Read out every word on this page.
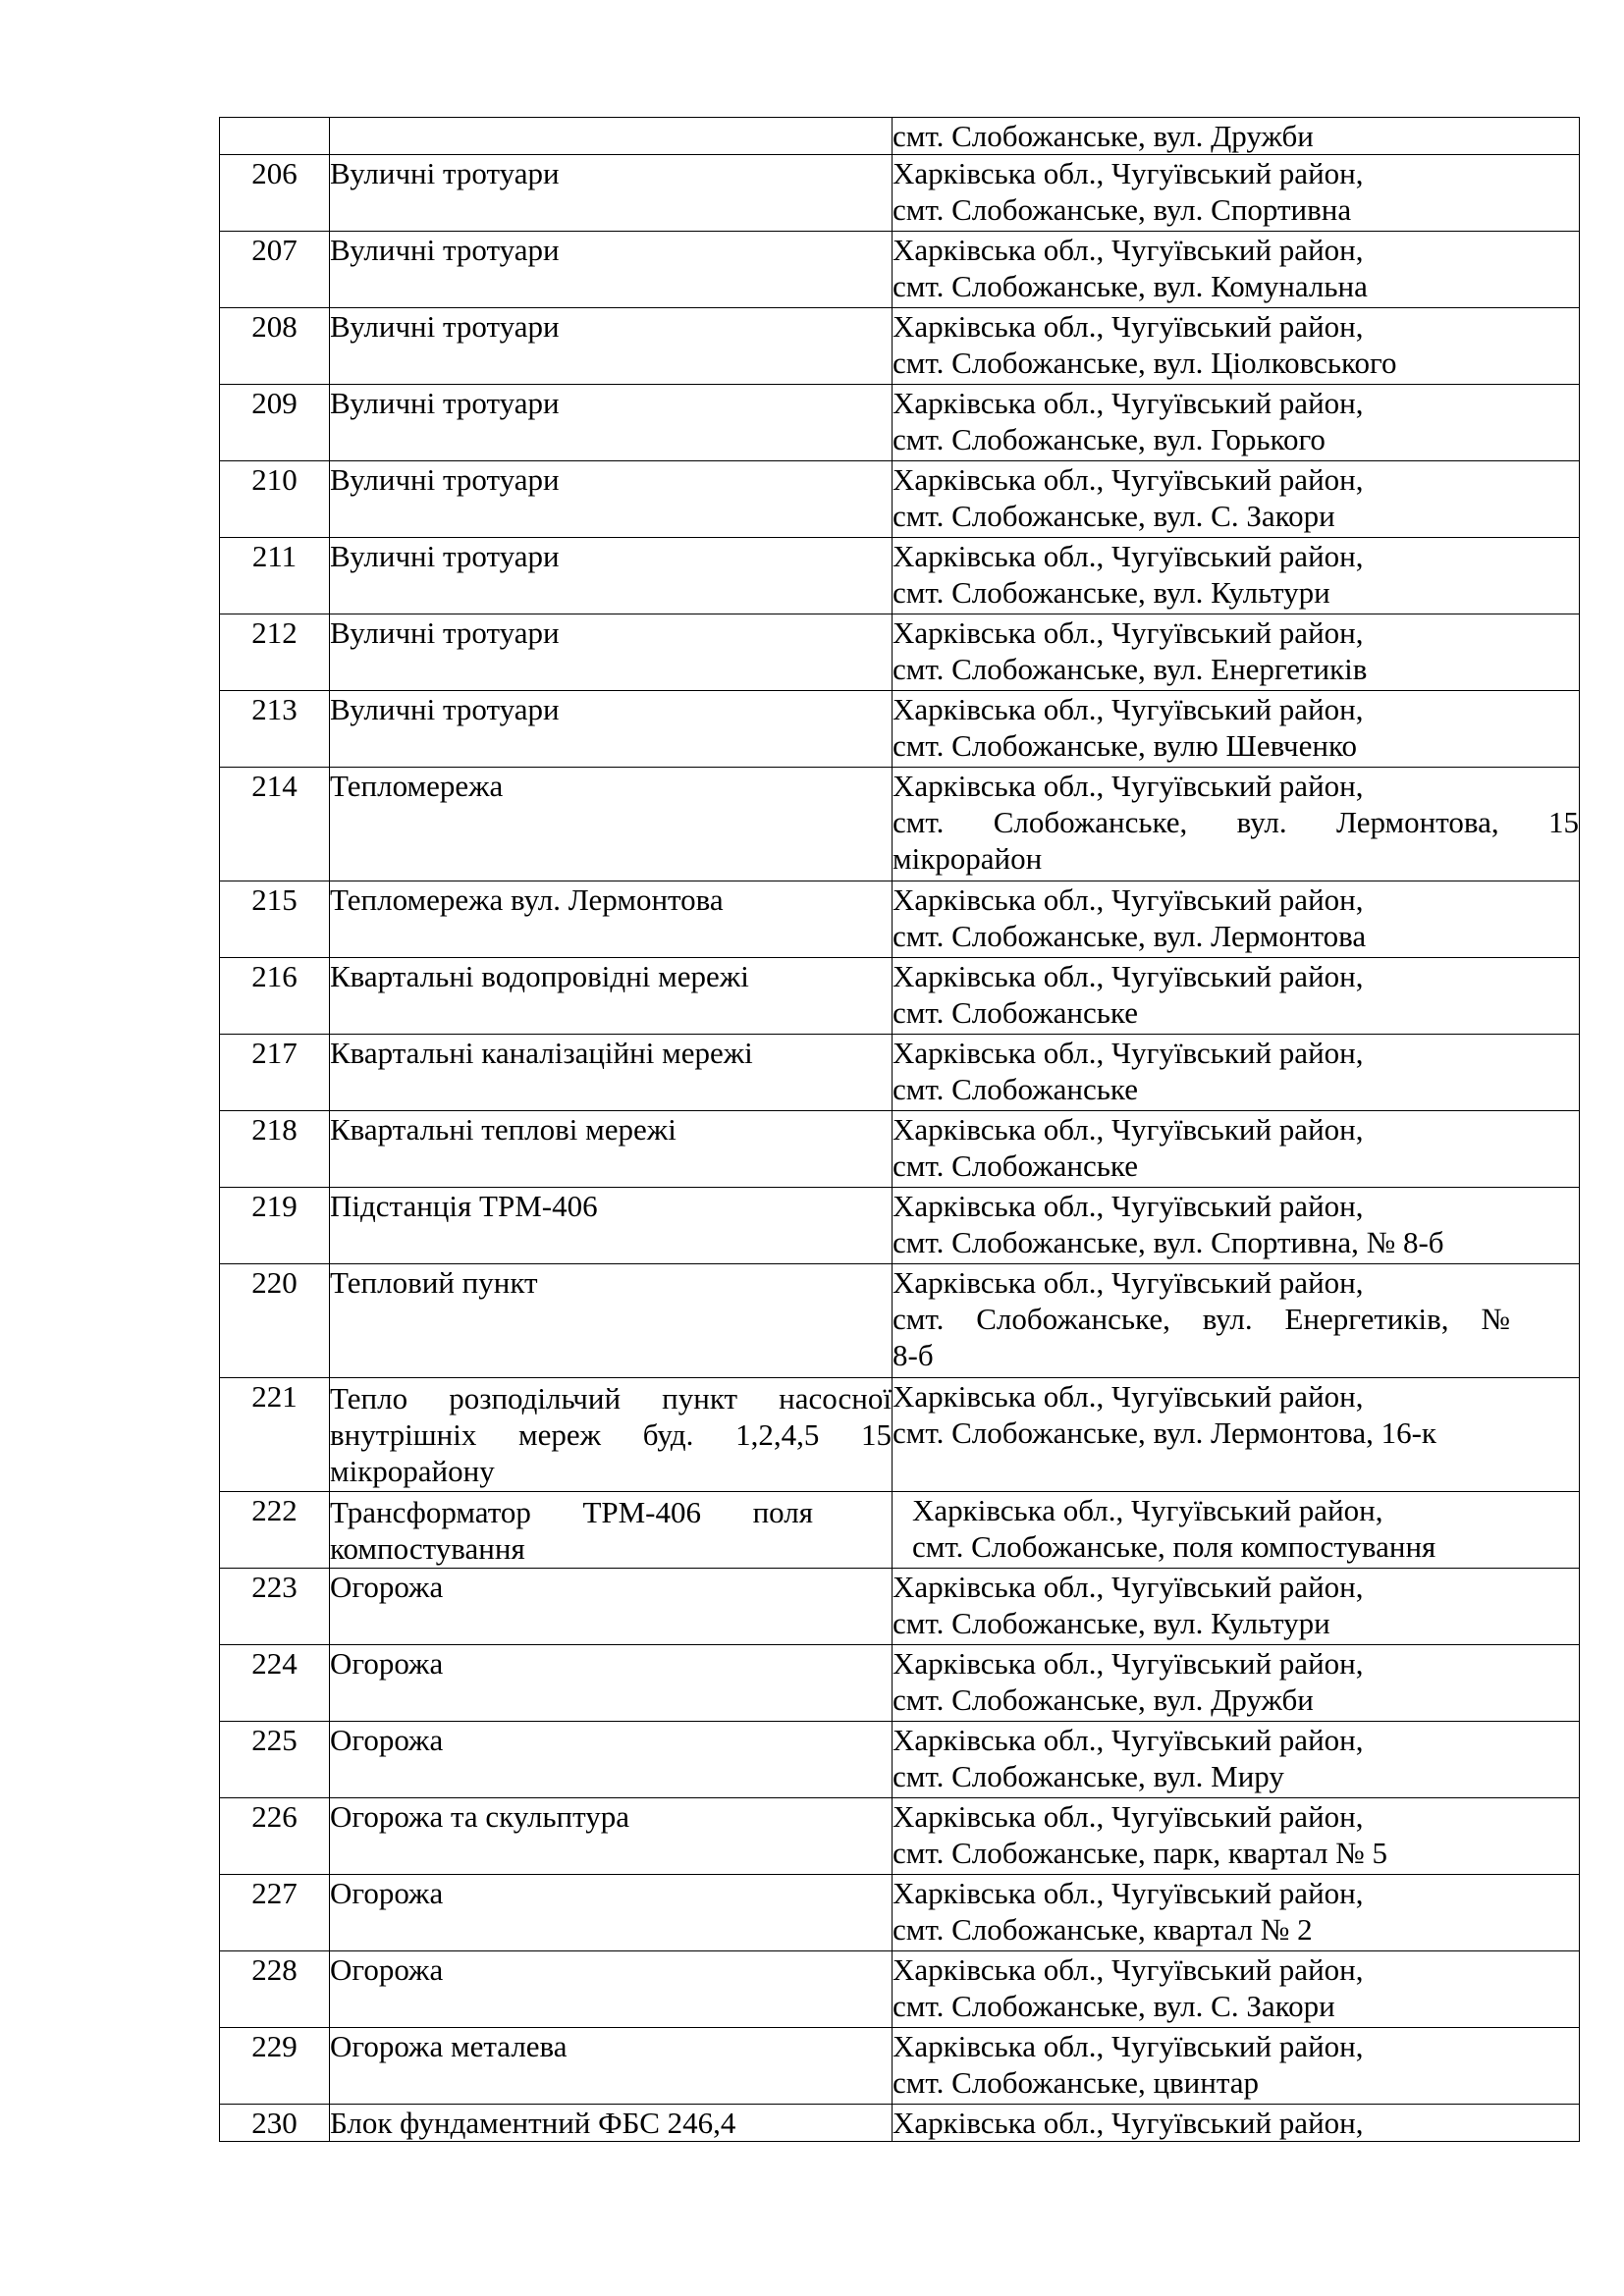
		смт. Слобожанське, вул. Дружби

206	Вуличні тротуари	Харківська обл., Чугуївський район,
смт. Слобожанське, вул. Спортивна

207	Вуличні тротуари	Харківська обл., Чугуївський район,
смт. Слобожанське, вул. Комунальна

208	Вуличні тротуари	Харківська обл., Чугуївський район,
смт. Слобожанське, вул. Ціолковського

209	Вуличні тротуари	Харківська обл., Чугуївський район,
смт. Слобожанське, вул. Горького

210	Вуличні тротуари	Харківська обл., Чугуївський район,
смт. Слобожанське, вул. С. Закори

211	Вуличні тротуари	Харківська обл., Чугуївський район,
смт. Слобожанське, вул. Культури

212	Вуличні тротуари	Харківська обл., Чугуївський район,
смт. Слобожанське, вул. Енергетиків

213	Вуличні тротуари	Харківська обл., Чугуївський район,
смт. Слобожанське, вулю Шевченко

214	Тепломережа	Харківська обл., Чугуївський район,
смт. Слобожанське, вул. Лермонтова, 15
мікрорайон

215	Тепломережа вул. Лермонтова	Харківська обл., Чугуївський район,
смт. Слобожанське, вул. Лермонтова

216	Квартальні водопровідні мережі	Харківська обл., Чугуївський район,
смт. Слобожанське

217	Квартальні каналізаційні мережі	Харківська обл., Чугуївський район,
смт. Слобожанське

218	Квартальні теплові мережі	Харківська обл., Чугуївський район,
смт. Слобожанське

219	Підстанція ТРМ-406	Харківська обл., Чугуївський район,
смт. Слобожанське, вул. Спортивна, № 8-б

220	Тепловий пункт	Харківська обл., Чугуївський район,
смт. Слобожанське, вул. Енергетиків, №
8-б

221	Тепло розподільчий пункт насосної
внутрішніх мереж буд. 1,2,4,5 15
мікрорайону	Харківська обл., Чугуївський район,
смт. Слобожанське, вул. Лермонтова, 16-к

222	Трансформатор ТРМ-406 поля
компостування	Харківська обл., Чугуївський район,
смт. Слобожанське, поля компостування

223	Огорожа	Харківська обл., Чугуївський район,
смт. Слобожанське, вул. Культури

224	Огорожа	Харківська обл., Чугуївський район,
смт. Слобожанське, вул. Дружби

225	Огорожа	Харківська обл., Чугуївський район,
смт. Слобожанське, вул. Миру

226	Огорожа та скульптура	Харківська обл., Чугуївський район,
смт. Слобожанське, парк, квартал № 5

227	Огорожа	Харківська обл., Чугуївський район,
смт. Слобожанське, квартал № 2

228	Огорожа	Харківська обл., Чугуївський район,
смт. Слобожанське, вул. С. Закори

229	Огорожа металева	Харківська обл., Чугуївський район,
смт. Слобожанське, цвинтар

230	Блок фундаментний ФБС 246,4	Харківська обл., Чугуївський район,
